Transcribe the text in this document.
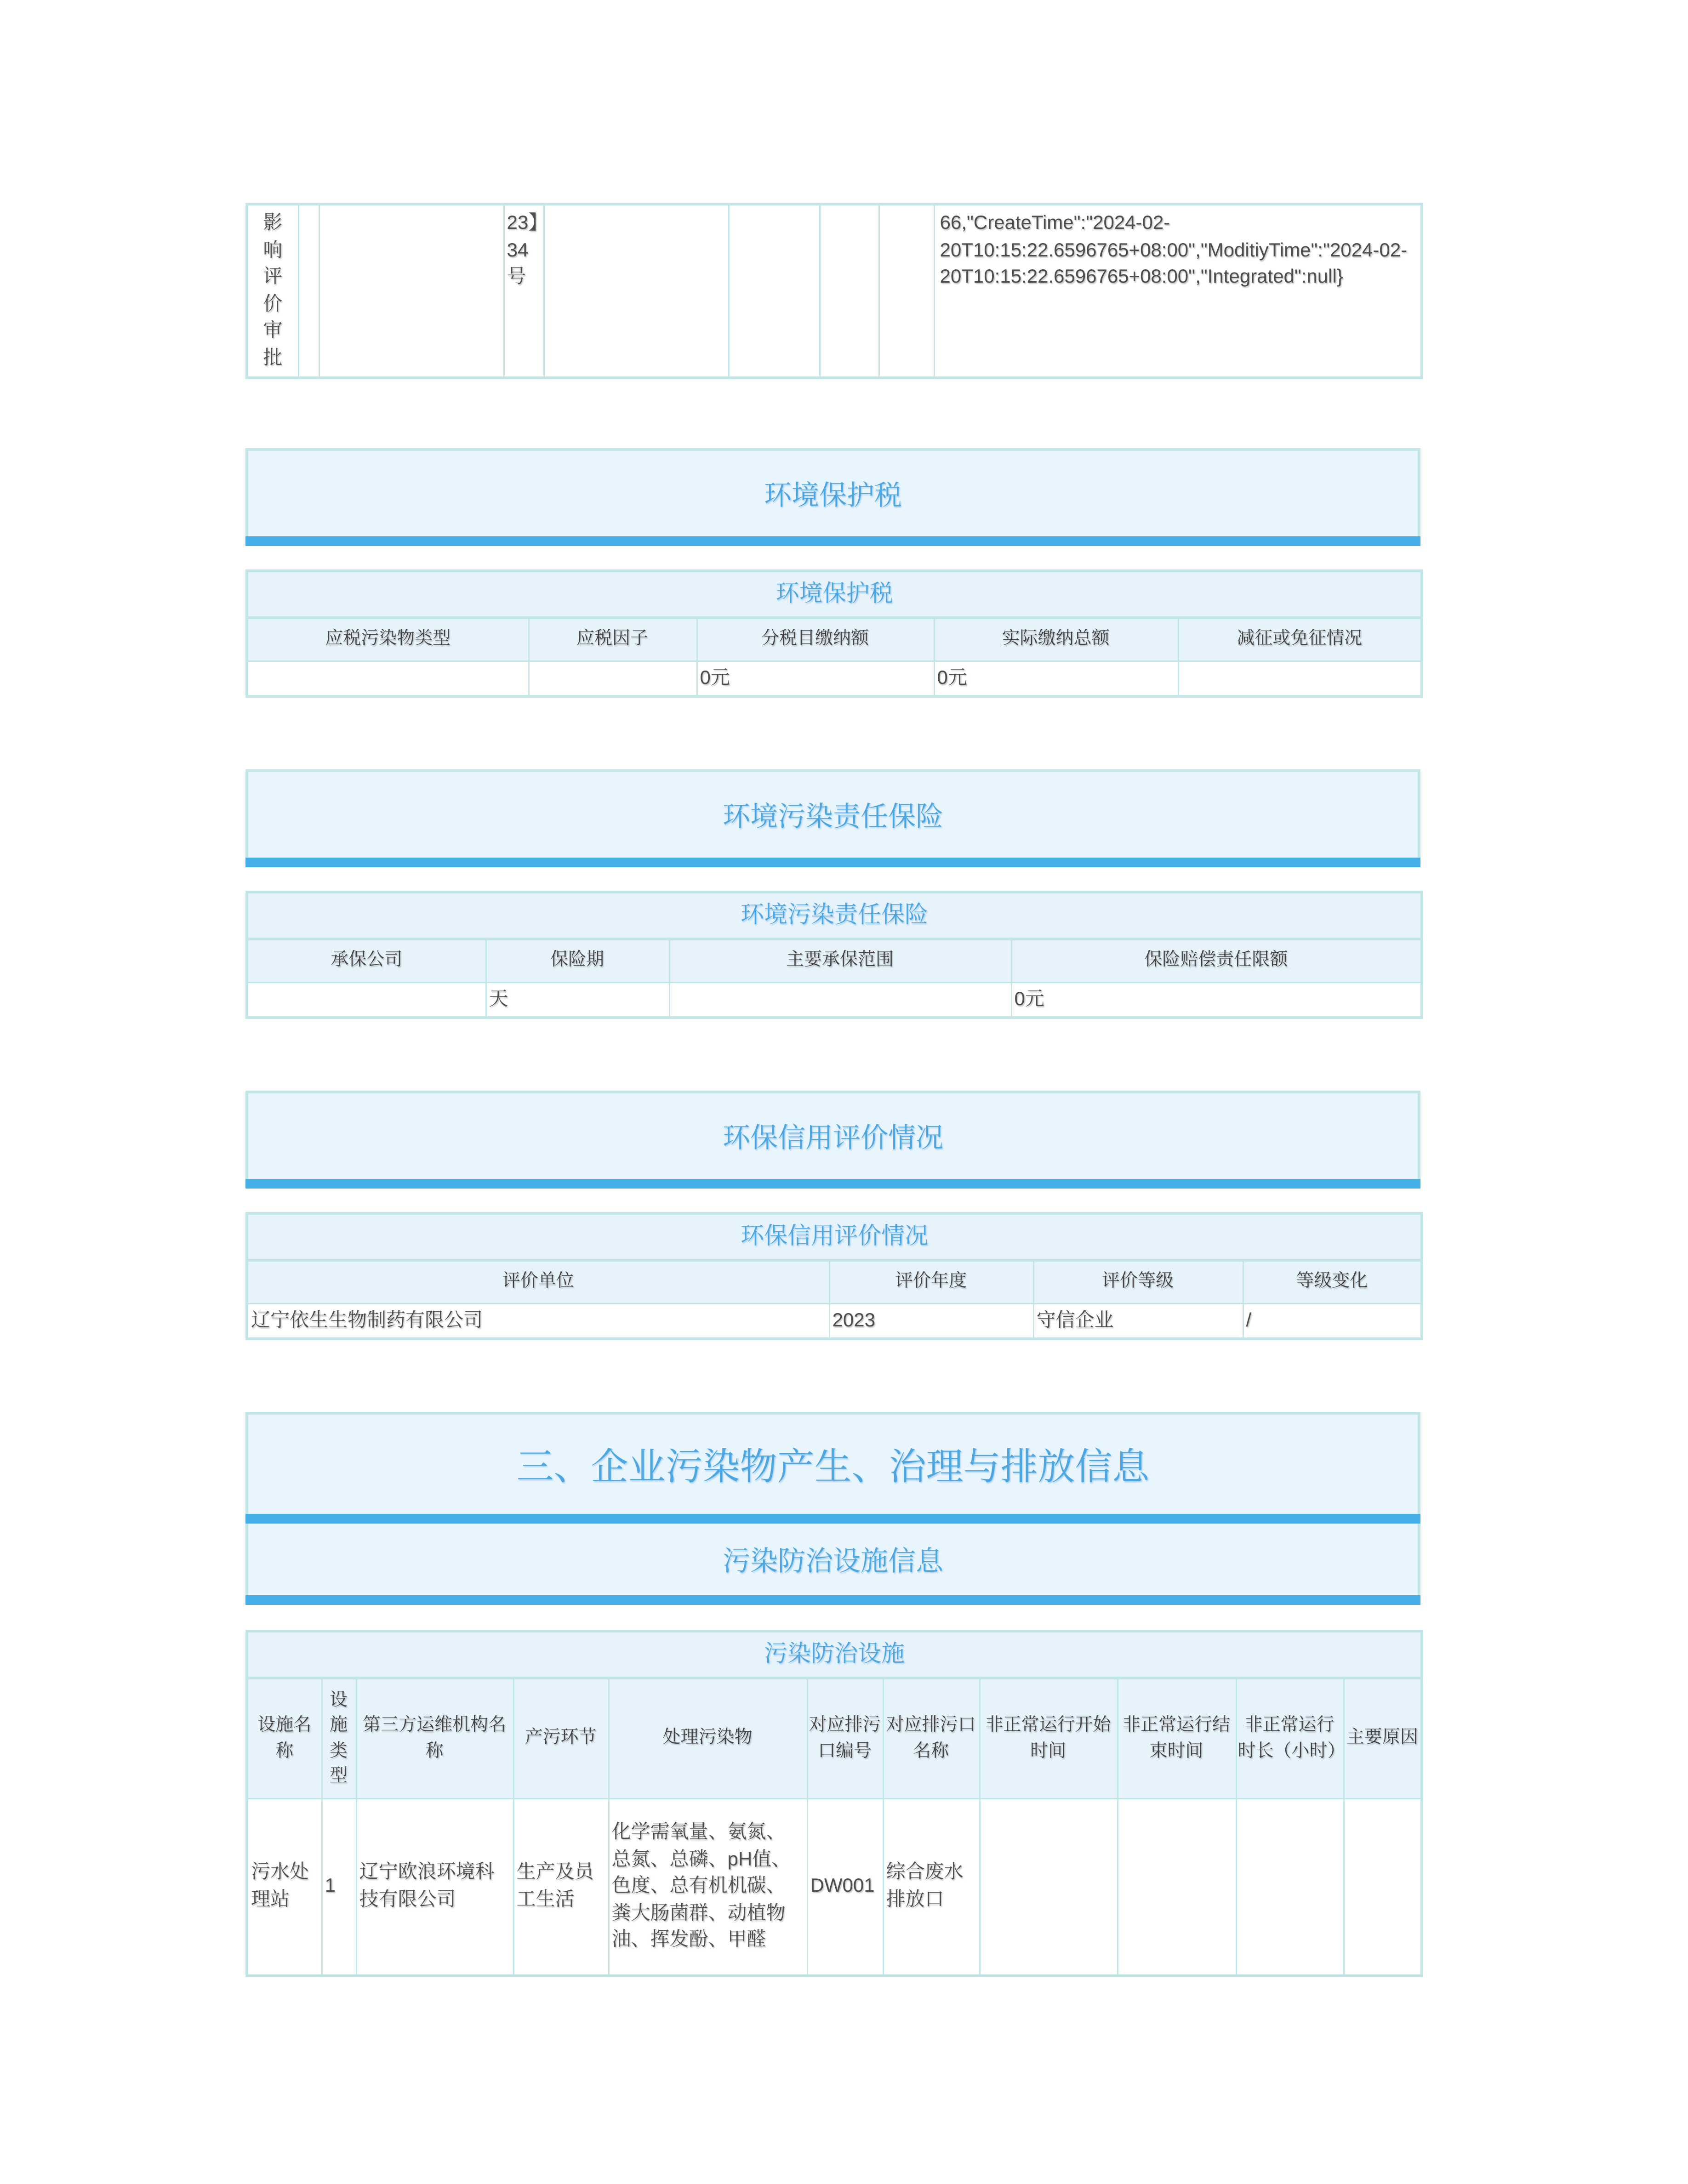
影响评价审批			23】34号					66,"CreateTime":"2024-02-20T10:15:22.6596765+08:00","ModitiyTime":"2024-02-20T10:15:22.6596765+08:00","Integrated":null}
环境保护税
环境保护税				
应税污染物类型	应税因子	分税目缴纳额	实际缴纳总额	减征或免征情况
		0元	0元	
环境污染责任保险
环境污染责任保险			
承保公司	保险期	主要承保范围	保险赔偿责任限额
	天		0元
环保信用评价情况
环保信用评价情况			
评价单位	评价年度	评价等级	等级变化
辽宁依生生物制药有限公司	2023	守信企业	/
三、企业污染物产生、治理与排放信息
污染防治设施信息
污染防治设施										
设施名称	设施类型	第三方运维机构名称	产污环节	处理污染物	对应排污口编号	对应排污口名称	非正常运行开始时间	非正常运行结束时间	非正常运行时长（小时）	主要原因
污水处理站	1	辽宁欧浪环境科技有限公司	生产及员工生活	化学需氧量、氨氮、总氮、总磷、pH值、色度、总有机机碳、粪大肠菌群、动植物油、挥发酚、甲醛	DW001	综合废水排放口				
